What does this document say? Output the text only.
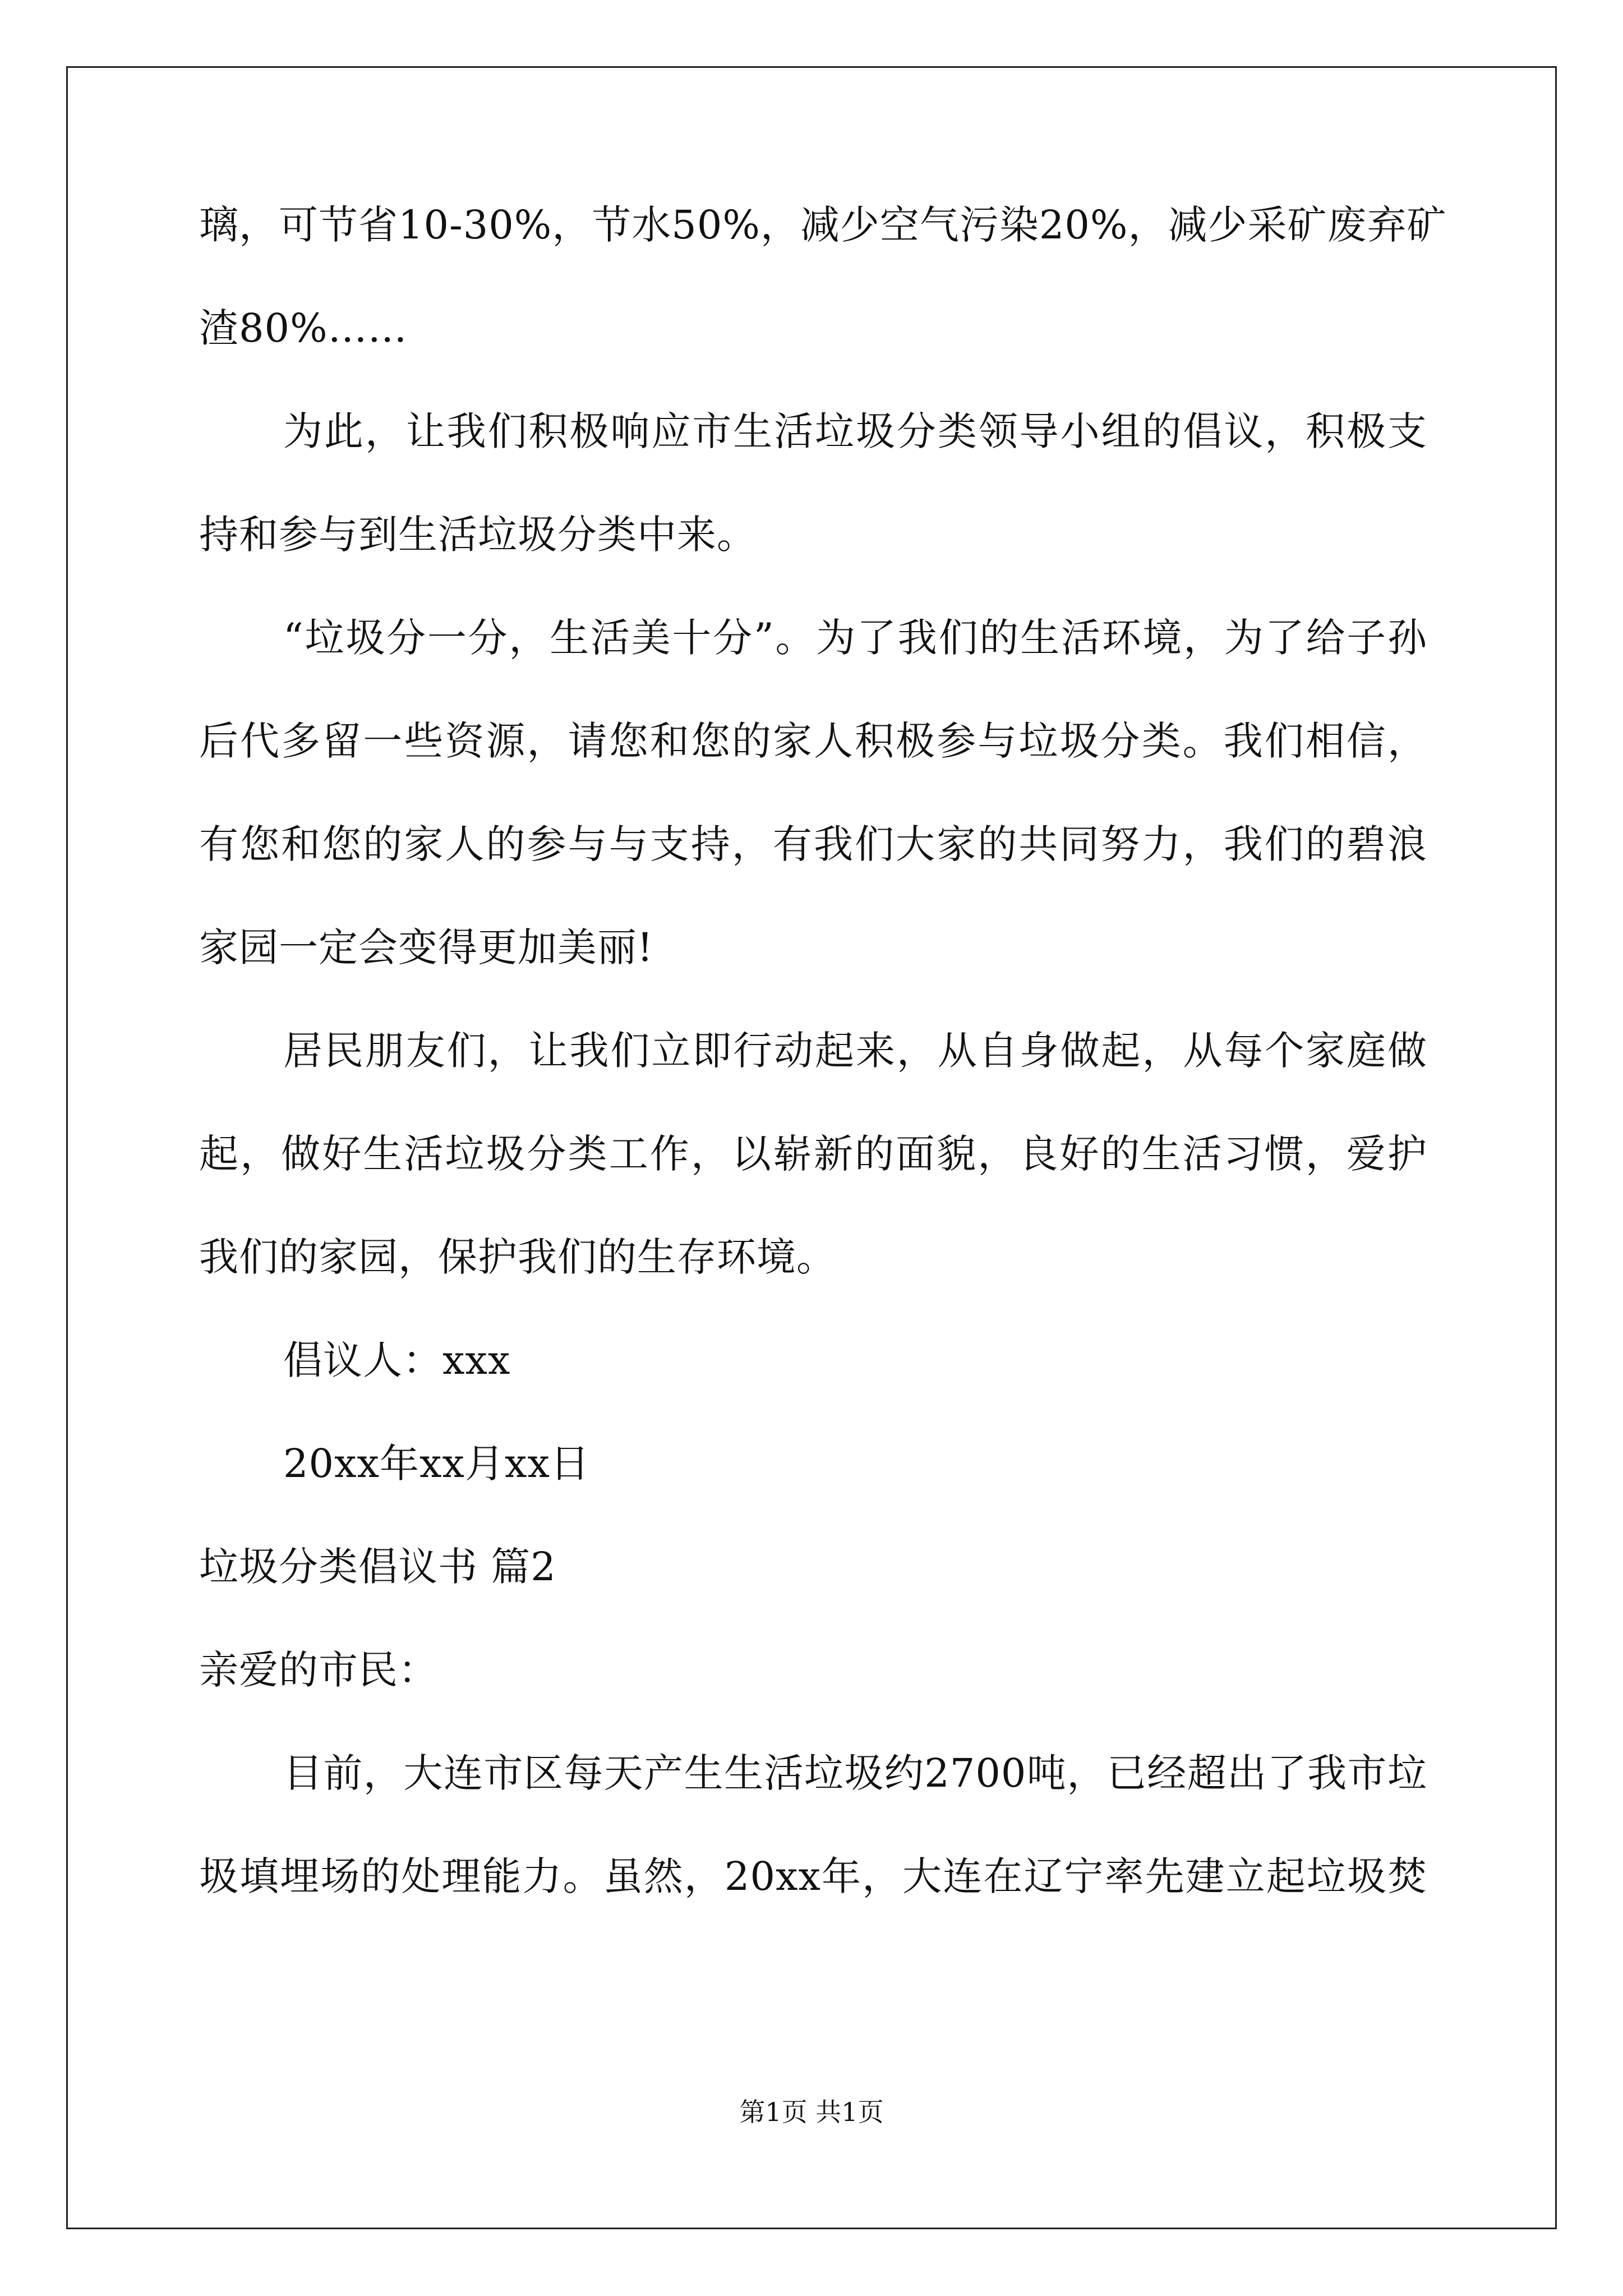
璃，可节省10-30%，节水50%，减少空气污染20%，减少采矿废弃矿
渣80%……
为此，让我们积极响应市生活垃圾分类领导小组的倡议，积极支
持和参与到生活垃圾分类中来。
“垃圾分一分，生活美十分”。为了我们的生活环境，为了给子孙
后代多留一些资源，请您和您的家人积极参与垃圾分类。我们相信，
有您和您的家人的参与与支持，有我们大家的共同努力，我们的碧浪
家园一定会变得更加美丽!
居民朋友们，让我们立即行动起来，从自身做起，从每个家庭做
起，做好生活垃圾分类工作，以崭新的面貌，良好的生活习惯，爱护
我们的家园，保护我们的生存环境。
倡议人：xxx
20xx年xx月xx日
垃圾分类倡议书 篇2
亲爱的市民：
目前，大连市区每天产生生活垃圾约2700吨，已经超出了我市垃
圾填埋场的处理能力。虽然，20xx年，大连在辽宁率先建立起垃圾焚
第1页 共1页
